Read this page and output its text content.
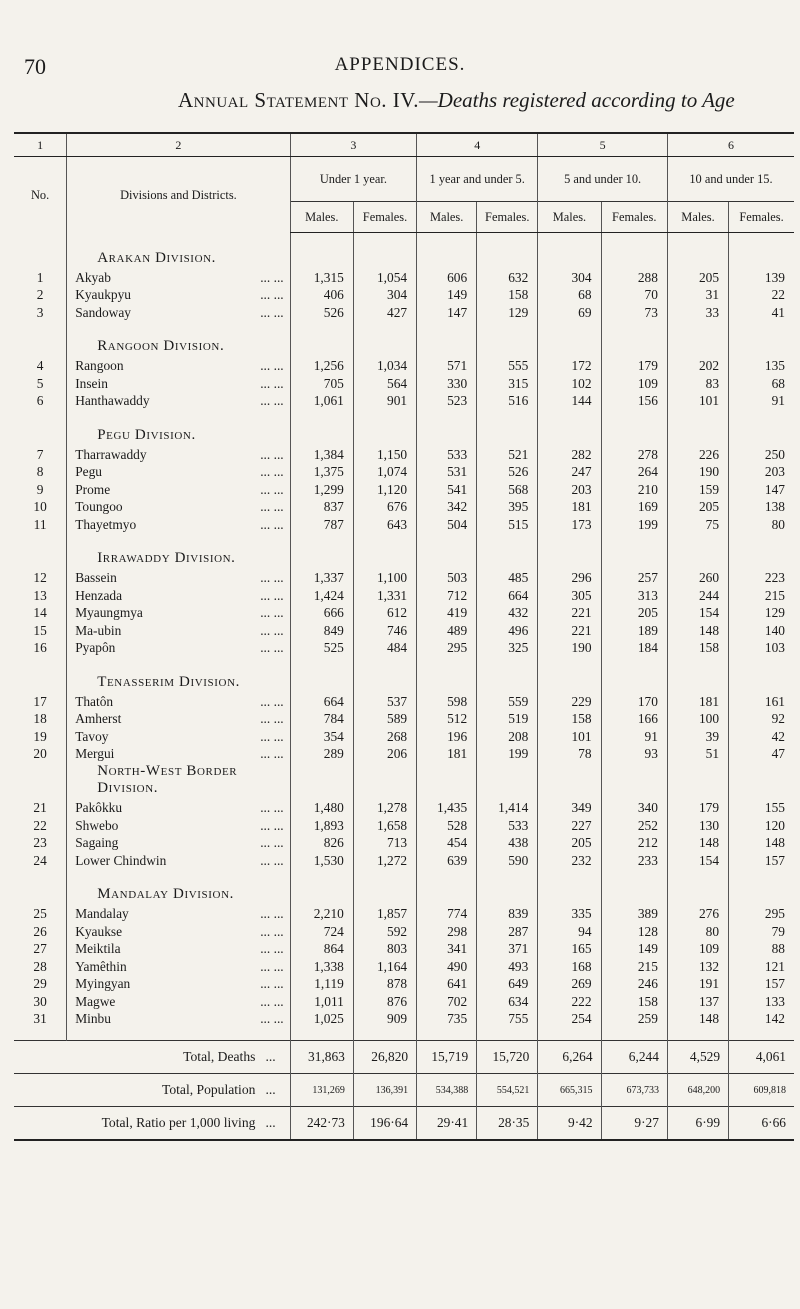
70	APPENDICES.
Annual Statement No. IV.—Deaths registered according to Age
1	2	3		4		5		6	
No.	Divisions and Districts.	Under 1 year.		1 year and under 5.		5 and under 10.		10 and under 15.	
		Males.	Females.	Males.	Females.	Males.	Females.	Males.	Females.
	Arakan Division.								
1	Akyab ... ...	1,315	1,054	606	632	304	288	205	139
2	Kyaukpyu ... ...	406	304	149	158	68	70	31	22
3	Sandoway ... ...	526	427	147	129	69	73	33	41
	Rangoon Division.								
4	Rangoon ... ...	1,256	1,034	571	555	172	179	202	135
5	Insein ... ...	705	564	330	315	102	109	83	68
6	Hanthawaddy ... ...	1,061	901	523	516	144	156	101	91
	Pegu Division.								
7	Tharrawaddy ... ...	1,384	1,150	533	521	282	278	226	250
8	Pegu ... ...	1,375	1,074	531	526	247	264	190	203
9	Prome ... ...	1,299	1,120	541	568	203	210	159	147
10	Toungoo ... ...	837	676	342	395	181	169	205	138
11	Thayetmyo ... ...	787	643	504	515	173	199	75	80
	Irrawaddy Division.								
12	Bassein ... ...	1,337	1,100	503	485	296	257	260	223
13	Henzada ... ...	1,424	1,331	712	664	305	313	244	215
14	Myaungmya ... ...	666	612	419	432	221	205	154	129
15	Ma-ubin ... ...	849	746	489	496	221	189	148	140
16	Pyapôn ... ...	525	484	295	325	190	184	158	103
	Tenasserim Division.								
17	Thatôn ... ...	664	537	598	559	229	170	181	161
18	Amherst ... ...	784	589	512	519	158	166	100	92
19	Tavoy ... ...	354	268	196	208	101	91	39	42
20	Mergui ... ...	289	206	181	199	78	93	51	47
	North-West Border Division.								
21	Pakôkku ... ...	1,480	1,278	1,435	1,414	349	340	179	155
22	Shwebo ... ...	1,893	1,658	528	533	227	252	130	120
23	Sagaing ... ...	826	713	454	438	205	212	148	148
24	Lower Chindwin ... ...	1,530	1,272	639	590	232	233	154	157
	Mandalay Division.								
25	Mandalay ... ...	2,210	1,857	774	839	335	389	276	295
26	Kyaukse ... ...	724	592	298	287	94	128	80	79
27	Meiktila ... ...	864	803	341	371	165	149	109	88
28	Yamêthin ... ...	1,338	1,164	490	493	168	215	132	121
29	Myingyan ... ...	1,119	878	641	649	269	246	191	157
30	Magwe ... ...	1,011	876	702	634	222	158	137	133
31	Minbu ... ...	1,025	909	735	755	254	259	148	142

Total, Deaths ...		31,863	26,820	15,719	15,720	6,264	6,244	4,529	4,061
Total, Population ...		131,269	136,391	534,388	554,521	665,315	673,733	648,200	609,818
Total, Ratio per 1,000 living ...		242·73	196·64	29·41	28·35	9·42	9·27	6·99	6·66
